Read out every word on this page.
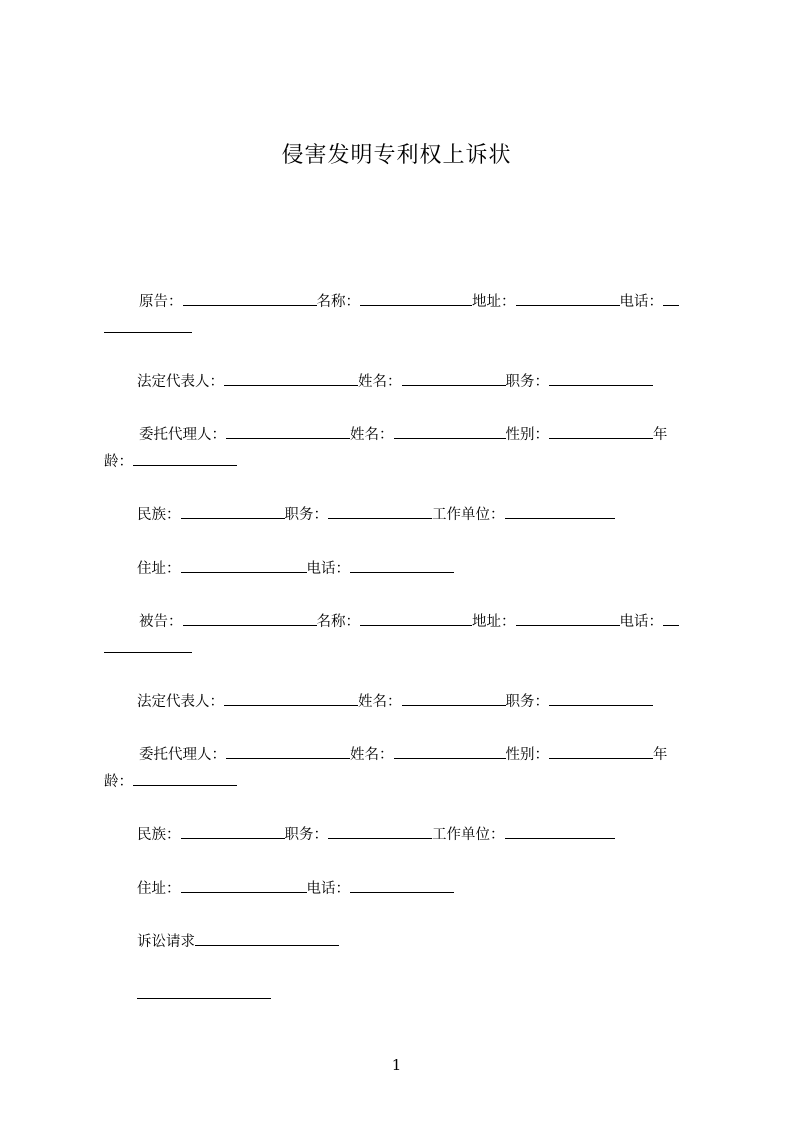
侵害发明专利权上诉状
原告：	名称：	地址：	电话：
法定代表人：	姓名：	职务：
委托代理人：	姓名：	性别：	年
龄：
民族：	职务：	工作单位：
住址：	电话：
被告：	名称：	地址：	电话：
法定代表人：	姓名：	职务：
委托代理人：	姓名：	性别：	年
龄：
民族：	职务：	工作单位：
住址：	电话：
诉讼请求
1
